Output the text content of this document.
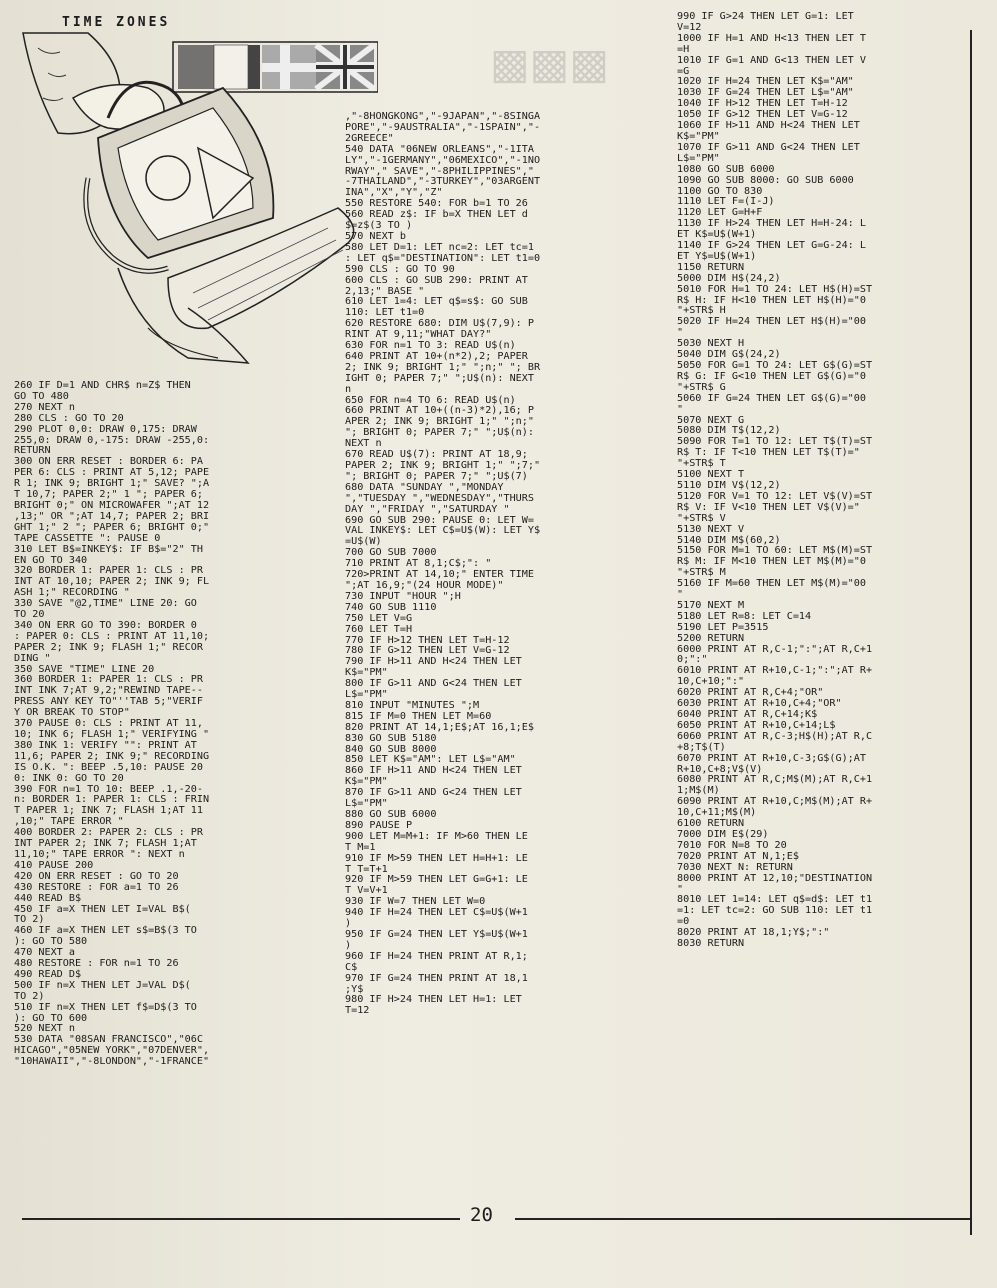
TIME ZONES
▩▩▩
260 IF D=1 AND CHR$ n=Z$ THEN
GO TO 480
270 NEXT n
280 CLS : GO TO 20
290 PLOT 0,0: DRAW 0,175: DRAW
255,0: DRAW 0,-175: DRAW -255,0:
RETURN
300 ON ERR RESET : BORDER 6: PA
PER 6: CLS : PRINT AT 5,12; PAPE
R 1; INK 9; BRIGHT 1;" SAVE? ";A
T 10,7; PAPER 2;" 1 "; PAPER 6;
BRIGHT 0;" ON MICROWAFER ";AT 12
,13;" OR ";AT 14,7; PAPER 2; BRI
GHT 1;" 2 "; PAPER 6; BRIGHT 0;"
TAPE CASSETTE ": PAUSE 0
310 LET B$=INKEY$: IF B$="2" TH
EN GO TO 340
320 BORDER 1: PAPER 1: CLS : PR
INT AT 10,10; PAPER 2; INK 9; FL
ASH 1;" RECORDING "
330 SAVE "@2,TIME" LINE 20: GO
TO 20
340 ON ERR GO TO 390: BORDER 0
: PAPER 0: CLS : PRINT AT 11,10;
PAPER 2; INK 9; FLASH 1;" RECOR
DING "
350 SAVE "TIME" LINE 20
360 BORDER 1: PAPER 1: CLS : PR
INT INK 7;AT 9,2;"REWIND TAPE--
PRESS ANY KEY TO"''TAB 5;"VERIF
Y OR BREAK TO STOP"
370 PAUSE 0: CLS : PRINT AT 11,
10; INK 6; FLASH 1;" VERIFYING "
380 INK 1: VERIFY "": PRINT AT
11,6; PAPER 2; INK 9;" RECORDING
IS O.K. ": BEEP .5,10: PAUSE 20
0: INK 0: GO TO 20
390 FOR n=1 TO 10: BEEP .1,-20-
n: BORDER 1: PAPER 1: CLS : FRIN
T PAPER 1; INK 7; FLASH 1;AT 11
,10;" TAPE ERROR "
400 BORDER 2: PAPER 2: CLS : PR
INT PAPER 2; INK 7; FLASH 1;AT
11,10;" TAPE ERROR ": NEXT n
410 PAUSE 200
420 ON ERR RESET : GO TO 20
430 RESTORE : FOR a=1 TO 26
440 READ B$
450 IF a=X THEN LET I=VAL B$(
TO 2)
460 IF a=X THEN LET s$=B$(3 TO
): GO TO 580
470 NEXT a
480 RESTORE : FOR n=1 TO 26
490 READ D$
500 IF n=X THEN LET J=VAL D$(
TO 2)
510 IF n=X THEN LET f$=D$(3 TO
): GO TO 600
520 NEXT n
530 DATA "08SAN FRANCISCO","06C
HICAGO","05NEW YORK","07DENVER",
"10HAWAII","-8LONDON","-1FRANCE"
,"-8HONGKONG","-9JAPAN","-8SINGA
PORE","-9AUSTRALIA","-1SPAIN","-
2GREECE"
540 DATA "06NEW ORLEANS","-1ITA
LY","-1GERMANY","06MEXICO","-1NO
RWAY"," SAVE","-8PHILIPPINES","
-7THAILAND","-3TURKEY","03ARGENT
INA","X","Y","Z"
550 RESTORE 540: FOR b=1 TO 26
560 READ z$: IF b=X THEN LET d
$=z$(3 TO )
570 NEXT b
580 LET D=1: LET nc=2: LET tc=1
: LET q$="DESTINATION": LET t1=0
590 CLS : GO TO 90
600 CLS : GO SUB 290: PRINT AT
2,13;" BASE "
610 LET 1=4: LET q$=s$: GO SUB
110: LET t1=0
620 RESTORE 680: DIM U$(7,9): P
RINT AT 9,11;"WHAT DAY?"
630 FOR n=1 TO 3: READ U$(n)
640 PRINT AT 10+(n*2),2; PAPER
2; INK 9; BRIGHT 1;" ";n;" "; BR
IGHT 0; PAPER 7;" ";U$(n): NEXT
n
650 FOR n=4 TO 6: READ U$(n)
660 PRINT AT 10+((n-3)*2),16; P
APER 2; INK 9; BRIGHT 1;" ";n;"
"; BRIGHT 0; PAPER 7;" ";U$(n):
NEXT n
670 READ U$(7): PRINT AT 18,9;
PAPER 2; INK 9; BRIGHT 1;" ";7;"
"; BRIGHT 0; PAPER 7;" ";U$(7)
680 DATA "SUNDAY ","MONDAY
","TUESDAY ","WEDNESDAY","THURS
DAY ","FRIDAY ","SATURDAY "
690 GO SUB 290: PAUSE 0: LET W=
VAL INKEY$: LET C$=U$(W): LET Y$
=U$(W)
700 GO SUB 7000
710 PRINT AT 8,1;C$;": "
720>PRINT AT 14,10;" ENTER TIME
";AT 16,9;"(24 HOUR MODE)"
730 INPUT "HOUR ";H
740 GO SUB 1110
750 LET V=G
760 LET T=H
770 IF H>12 THEN LET T=H-12
780 IF G>12 THEN LET V=G-12
790 IF H>11 AND H<24 THEN LET
K$="PM"
800 IF G>11 AND G<24 THEN LET
L$="PM"
810 INPUT "MINUTES ";M
815 IF M=0 THEN LET M=60
820 PRINT AT 14,1;E$;AT 16,1;E$
830 GO SUB 5180
840 GO SUB 8000
850 LET K$="AM": LET L$="AM"
860 IF H>11 AND H<24 THEN LET
K$="PM"
870 IF G>11 AND G<24 THEN LET
L$="PM"
880 GO SUB 6000
890 PAUSE P
900 LET M=M+1: IF M>60 THEN LE
T M=1
910 IF M>59 THEN LET H=H+1: LE
T T=T+1
920 IF M>59 THEN LET G=G+1: LE
T V=V+1
930 IF W=7 THEN LET W=0
940 IF H=24 THEN LET C$=U$(W+1
)
950 IF G=24 THEN LET Y$=U$(W+1
)
960 IF H=24 THEN PRINT AT R,1;
C$
970 IF G=24 THEN PRINT AT 18,1
;Y$
980 IF H>24 THEN LET H=1: LET
T=12
990 IF G>24 THEN LET G=1: LET
V=12
1000 IF H=1 AND H<13 THEN LET T
=H
1010 IF G=1 AND G<13 THEN LET V
=G
1020 IF H=24 THEN LET K$="AM"
1030 IF G=24 THEN LET L$="AM"
1040 IF H>12 THEN LET T=H-12
1050 IF G>12 THEN LET V=G-12
1060 IF H>11 AND H<24 THEN LET
K$="PM"
1070 IF G>11 AND G<24 THEN LET
L$="PM"
1080 GO SUB 6000
1090 GO SUB 8000: GO SUB 6000
1100 GO TO 830
1110 LET F=(I-J)
1120 LET G=H+F
1130 IF H>24 THEN LET H=H-24: L
ET K$=U$(W+1)
1140 IF G>24 THEN LET G=G-24: L
ET Y$=U$(W+1)
1150 RETURN
5000 DIM H$(24,2)
5010 FOR H=1 TO 24: LET H$(H)=ST
R$ H: IF H<10 THEN LET H$(H)="0
"+STR$ H
5020 IF H=24 THEN LET H$(H)="00
"
5030 NEXT H
5040 DIM G$(24,2)
5050 FOR G=1 TO 24: LET G$(G)=ST
R$ G: IF G<10 THEN LET G$(G)="0
"+STR$ G
5060 IF G=24 THEN LET G$(G)="00
"
5070 NEXT G
5080 DIM T$(12,2)
5090 FOR T=1 TO 12: LET T$(T)=ST
R$ T: IF T<10 THEN LET T$(T)="
"+STR$ T
5100 NEXT T
5110 DIM V$(12,2)
5120 FOR V=1 TO 12: LET V$(V)=ST
R$ V: IF V<10 THEN LET V$(V)="
"+STR$ V
5130 NEXT V
5140 DIM M$(60,2)
5150 FOR M=1 TO 60: LET M$(M)=ST
R$ M: IF M<10 THEN LET M$(M)="0
"+STR$ M
5160 IF M=60 THEN LET M$(M)="00
"
5170 NEXT M
5180 LET R=8: LET C=14
5190 LET P=3515
5200 RETURN
6000 PRINT AT R,C-1;":";AT R,C+1
0;":"
6010 PRINT AT R+10,C-1;":";AT R+
10,C+10;":"
6020 PRINT AT R,C+4;"OR"
6030 PRINT AT R+10,C+4;"OR"
6040 PRINT AT R,C+14;K$
6050 PRINT AT R+10,C+14;L$
6060 PRINT AT R,C-3;H$(H);AT R,C
+8;T$(T)
6070 PRINT AT R+10,C-3;G$(G);AT
R+10,C+8;V$(V)
6080 PRINT AT R,C;M$(M);AT R,C+1
1;M$(M)
6090 PRINT AT R+10,C;M$(M);AT R+
10,C+11;M$(M)
6100 RETURN
7000 DIM E$(29)
7010 FOR N=8 TO 20
7020 PRINT AT N,1;E$
7030 NEXT N: RETURN
8000 PRINT AT 12,10;"DESTINATION
"
8010 LET 1=14: LET q$=d$: LET t1
=1: LET tc=2: GO SUB 110: LET t1
=0
8020 PRINT AT 18,1;Y$;":"
8030 RETURN
20
